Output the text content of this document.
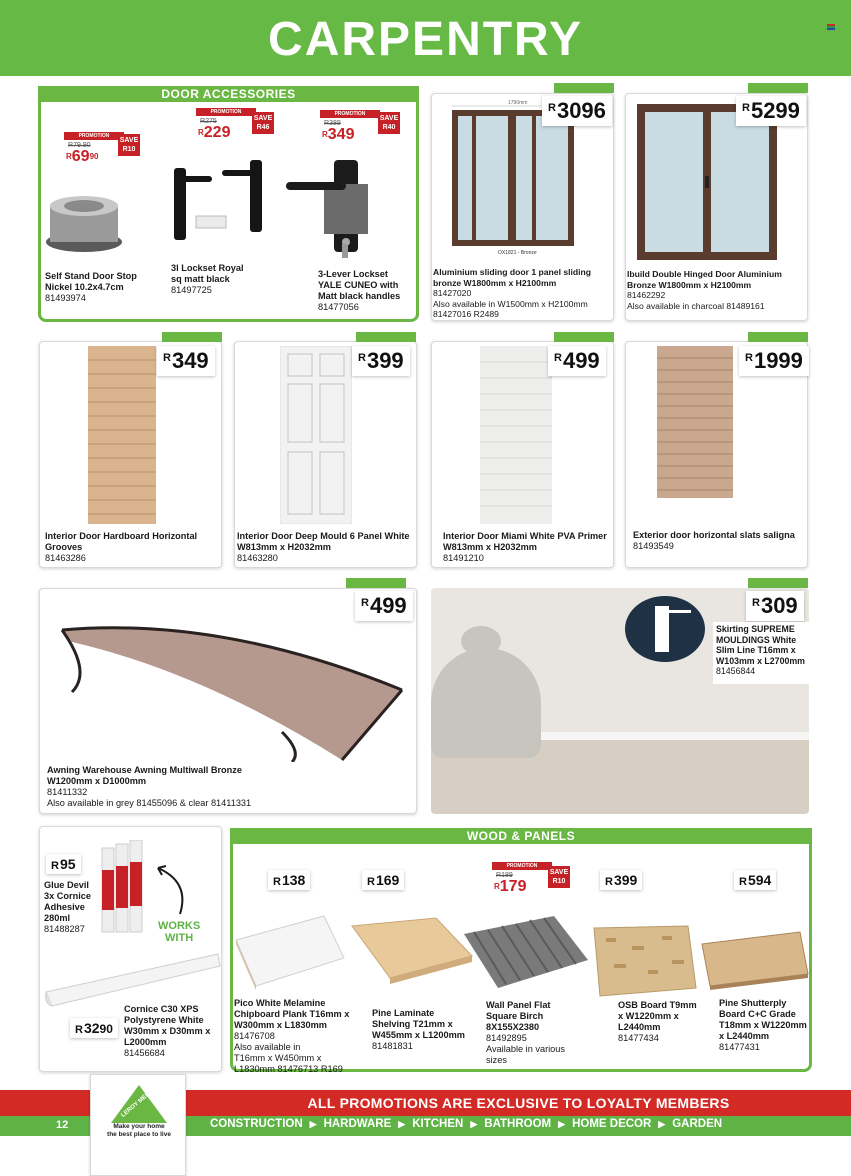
CARPENTRY
DOOR ACCESSORIES
PROMOTION
R79.90
$^R69^{90}$
SAVE
R10
Self Stand Door Stop
Nickel 10.2x4.7cm
81493974
PROMOTION
R275
$^R$229
SAVE
R46
3l Lockset Royal
sq matt black
81497725
PROMOTION
R389
$^R$349
SAVE
R40
3-Lever Lockset
YALE CUNEO with
Matt black handles
81477056
1790mm
OX1821 - Bronze
$^R$3096
Aluminium sliding door 1 panel sliding
bronze W1800mm x H2100mm
81427020
Also available in W1500mm x H2100mm
81427016 R2489
$^R$5299
Ibuild Double Hinged Door Aluminium
Bronze W1800mm x H2100mm
81462292
Also available in charcoal 81489161
$^R$349
Interior Door Hardboard Horizontal
Grooves
81463286
$^R$399
Interior Door Deep Mould 6 Panel White
W813mm x H2032mm
81463280
$^R$499
Interior Door Miami White PVA Primer
W813mm x H2032mm
81491210
$^R$1999
Exterior door horizontal slats saligna
81493549
$^R$499
Awning Warehouse Awning Multiwall Bronze
W1200mm x D1000mm
81411332
Also available in grey 81455096 & clear 81411331
$^R$309
Skirting SUPREME
MOULDINGS White
Slim Line T16mm x
W103mm x L2700mm
81456844
$^R$95
Glue Devil
3x Cornice
Adhesive
280ml
81488287	WORKS
WITH
Cornice C30 XPS
Polystyrene White
W30mm x D30mm x
L2000mm
81456684
$^R$3290
WOOD & PANELS
$^R$138
Pico White Melamine
Chipboard Plank T16mm x
W300mm x L1830mm
81476708
Also available in
T16mm x W450mm x
L1830mm 81476713 R169
$^R$169
Pine Laminate
Shelving T21mm x
W455mm x L1200mm
81481831
PROMOTION
R189
$^R$179
SAVE
R10
Wall Panel Flat
Square Birch
8X155X2380
81492895
Available in various
sizes
$^R$399
OSB Board T9mm
x W1220mm x
L2440mm
81477434
$^R$594
Pine Shutterply
Board C+C Grade
T18mm x W1220mm
x L2440mm
81477431
ALL PROMOTIONS ARE EXCLUSIVE TO LOYALTY MEMBERS
12	CONSTRUCTION ▶ HARDWARE ▶ KITCHEN ▶ BATHROOM ▶ HOME DECOR ▶ GARDEN
LEROY MERLIN
Make your home
the best place to live
